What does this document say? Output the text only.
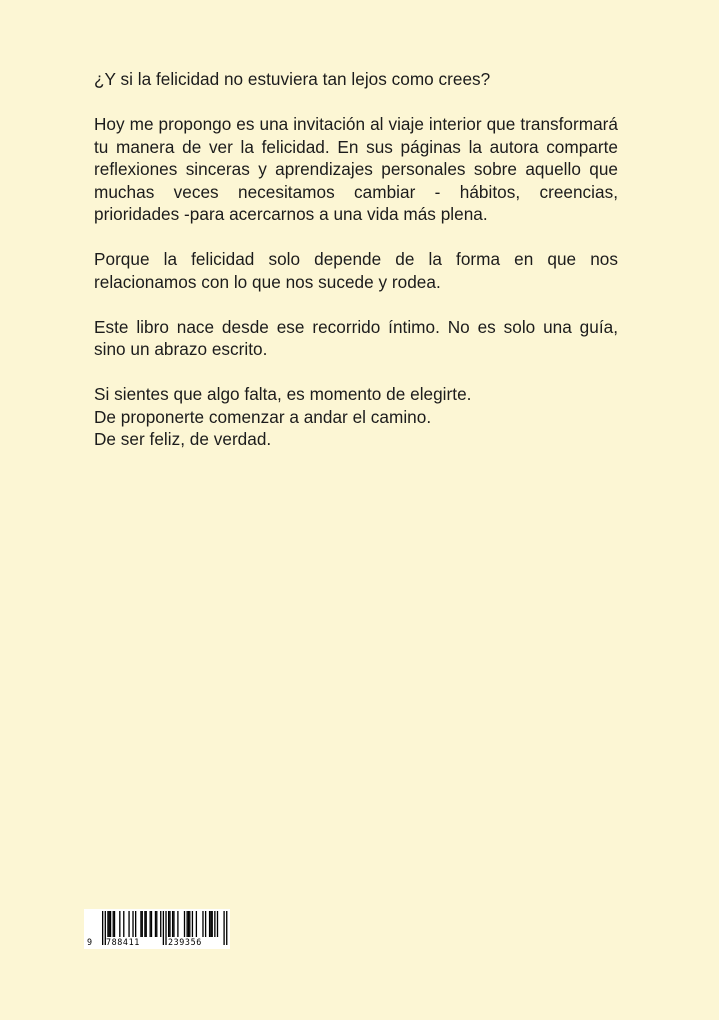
¿Y si la felicidad no estuviera tan lejos como crees?

Hoy me propongo es una invitación al viaje interior que transformará tu manera de ver la felicidad. En sus páginas la autora comparte reflexiones sinceras y aprendizajes personales sobre aquello que muchas veces necesitamos cambiar - hábitos, creencias, prioridades -para acercarnos a una vida más plena.

Porque la felicidad solo depende de la forma en que nos relacionamos con lo que nos sucede y rodea.

Este libro nace desde ese recorrido íntimo. No es solo una guía, sino un abrazo escrito.

Si sientes que algo falta, es momento de elegirte.
De proponerte comenzar a andar el camino.
De ser feliz, de verdad.

9 788411	239356
